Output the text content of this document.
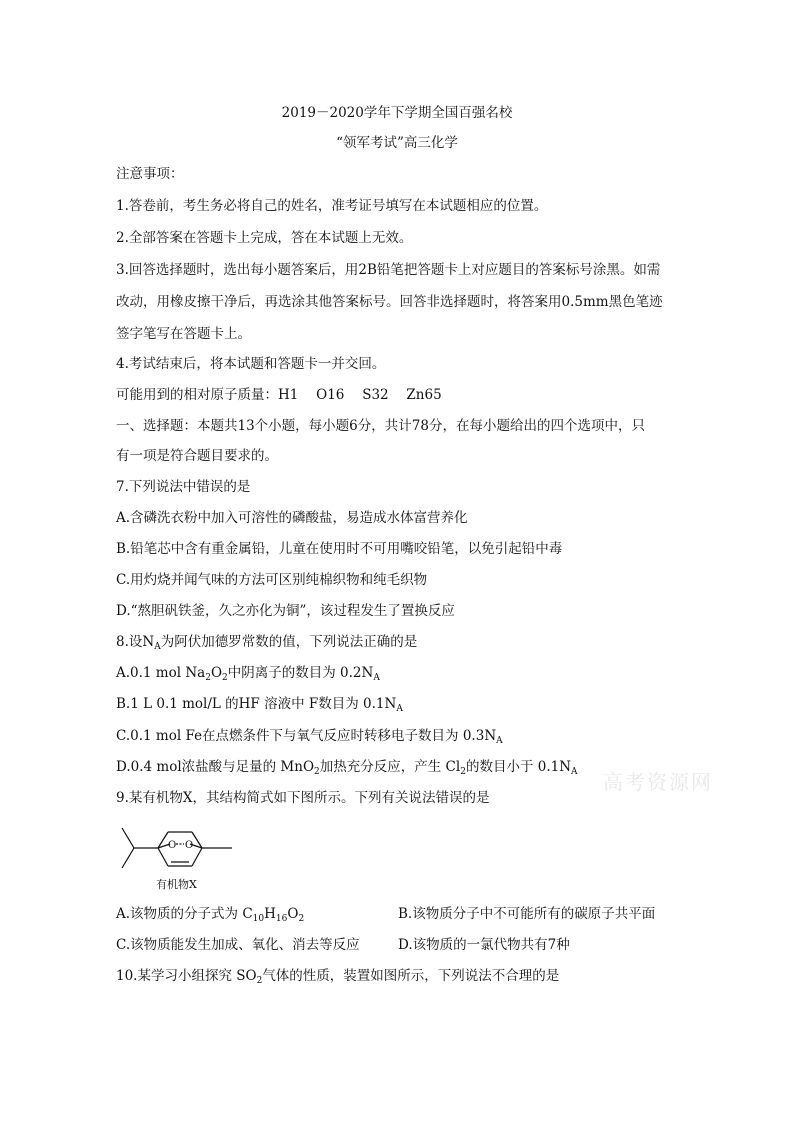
2019－2020学年下学期全国百强名校
“领军考试”高三化学
注意事项：
1.答卷前，考生务必将自己的姓名，准考证号填写在本试题相应的位置。
2.全部答案在答题卡上完成，答在本试题上无效。
3.回答选择题时，选出每小题答案后，用2B铅笔把答题卡上对应题目的答案标号涂黑。如需
改动，用橡皮擦干净后，再选涂其他答案标号。回答非选择题时，将答案用0.5mm黑色笔迹
签字笔写在答题卡上。
4.考试结束后，将本试题和答题卡一并交回。
可能用到的相对原子质量：H1　 O16　 S32　 Zn65
一、选择题：本题共13个小题，每小题6分，共计78分，在每小题给出的四个选项中，只
有一项是符合题目要求的。
7.下列说法中错误的是
A.含磷洗衣粉中加入可溶性的磷酸盐，易造成水体富营养化
B.铅笔芯中含有重金属铅，儿童在使用时不可用嘴咬铅笔，以免引起铅中毒
C.用灼烧并闻气味的方法可区别纯棉织物和纯毛织物
D.“熬胆矾铁釜，久之亦化为铜”，该过程发生了置换反应
8.设$N_A$为阿伏加德罗常数的值，下列说法正确的是
A.0.1 mol $Na_2O_2$中阴离子的数目为 $0.2N_A$
B.1 L 0.1 mol/L 的HF 溶液中 F数目为 $0.1N_A$
C.0.1 mol Fe在点燃条件下与氧气反应时转移电子数目为 $0.3N_A$
D.0.4 mol浓盐酸与足量的 MnO$_2$加热充分反应，产生 $Cl_2$的数目小于 $0.1N_A$ 高考资源网
9.某有机物X，其结构简式如下图所示。下列有关说法错误的是
O O
有机物X
A.该物质的分子式为 $C_{10}H_{16}O_2$	B.该物质分子中不可能所有的碳原子共平面
C.该物质能发生加成、氧化、消去等反应	D.该物质的一氯代物共有7种
10.某学习小组探究 $SO_2$气体的性质，装置如图所示，下列说法不合理的是
